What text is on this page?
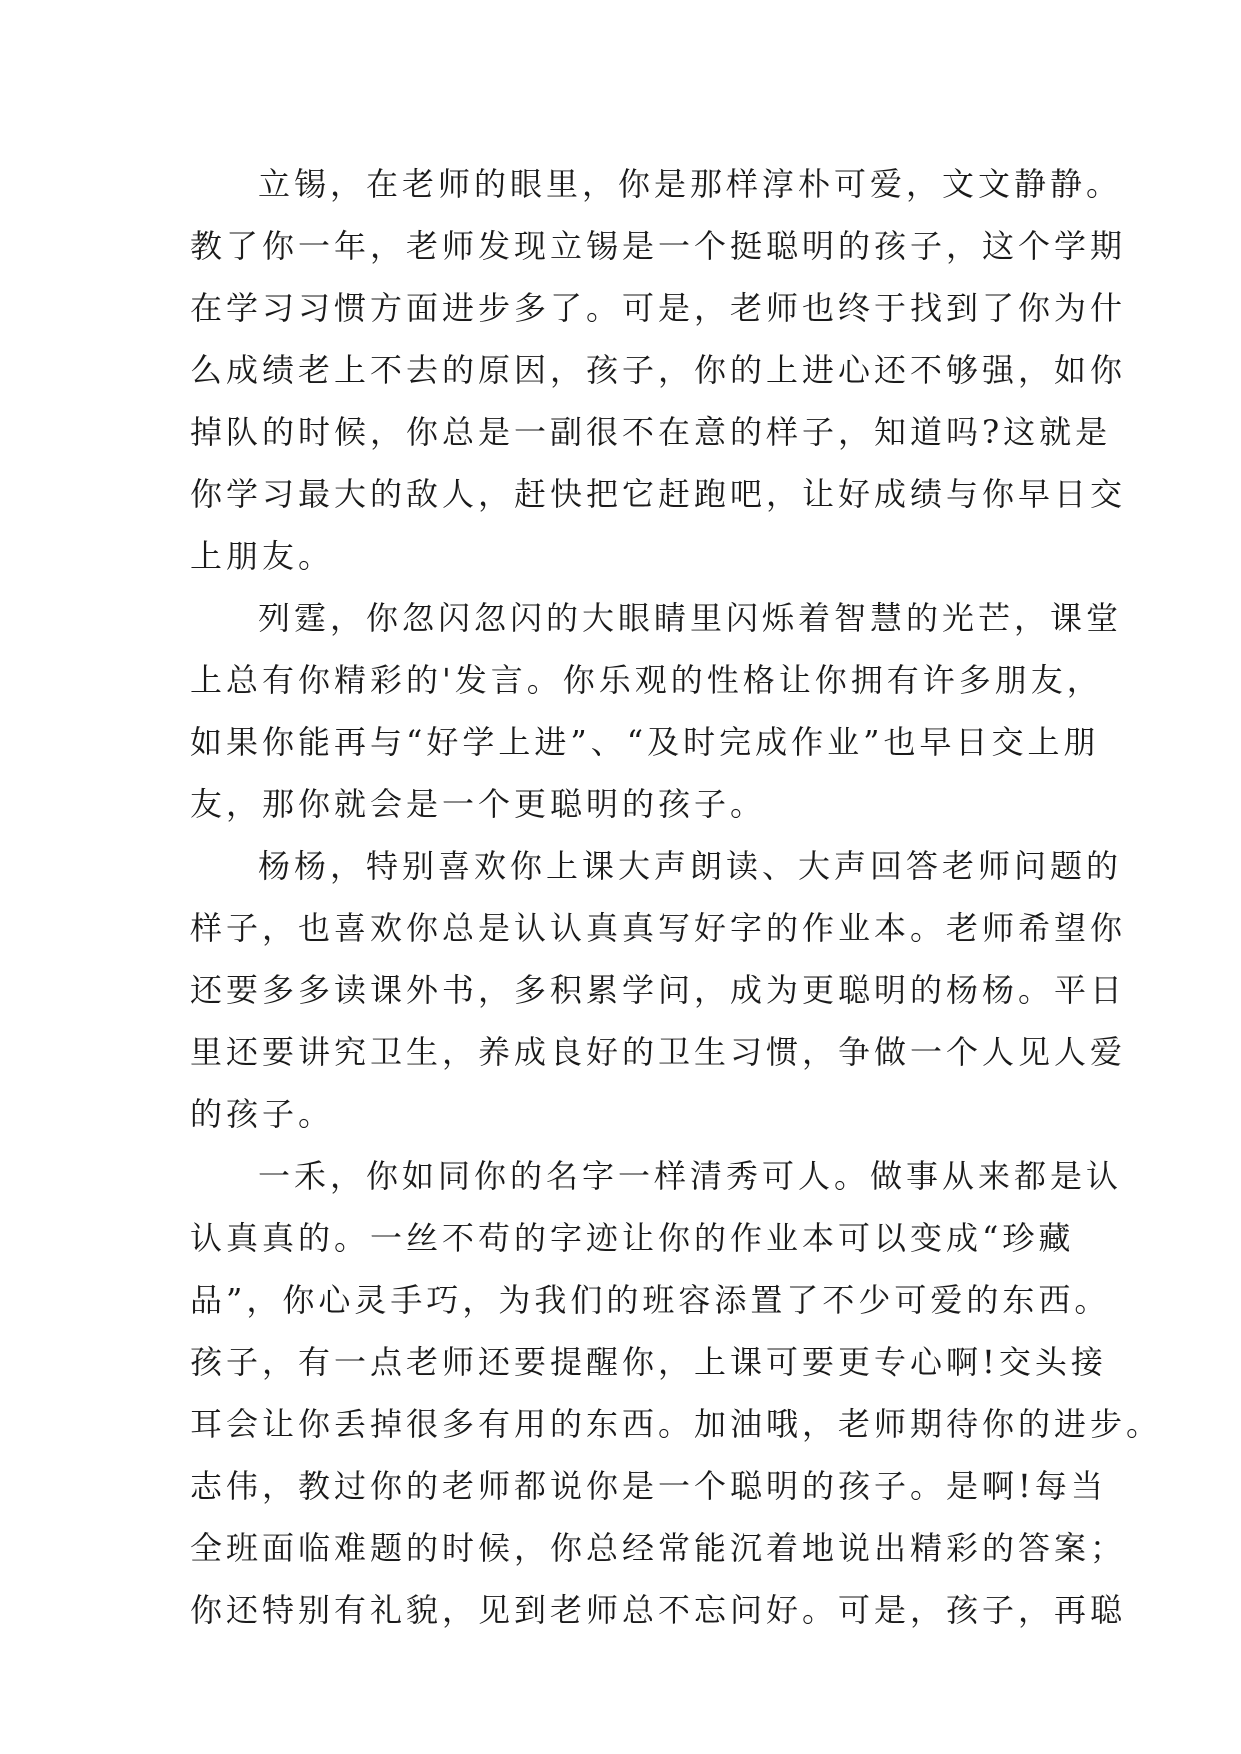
立锡，在老师的眼里，你是那样淳朴可爱，文文静静。
教了你一年，老师发现立锡是一个挺聪明的孩子，这个学期
在学习习惯方面进步多了。可是，老师也终于找到了你为什
么成绩老上不去的原因，孩子，你的上进心还不够强，如你
掉队的时候，你总是一副很不在意的样子，知道吗?这就是
你学习最大的敌人，赶快把它赶跑吧，让好成绩与你早日交
上朋友。
列霆，你忽闪忽闪的大眼睛里闪烁着智慧的光芒，课堂
上总有你精彩的'发言。你乐观的性格让你拥有许多朋友，
如果你能再与“好学上进”、“及时完成作业”也早日交上朋
友，那你就会是一个更聪明的孩子。
杨杨，特别喜欢你上课大声朗读、大声回答老师问题的
样子，也喜欢你总是认认真真写好字的作业本。老师希望你
还要多多读课外书，多积累学问，成为更聪明的杨杨。平日
里还要讲究卫生，养成良好的卫生习惯，争做一个人见人爱
的孩子。
一禾，你如同你的名字一样清秀可人。做事从来都是认
认真真的。一丝不苟的字迹让你的作业本可以变成“珍藏
品”，你心灵手巧，为我们的班容添置了不少可爱的东西。
孩子，有一点老师还要提醒你，上课可要更专心啊!交头接
耳会让你丢掉很多有用的东西。加油哦，老师期待你的进步。
志伟，教过你的老师都说你是一个聪明的孩子。是啊!每当
全班面临难题的时候，你总经常能沉着地说出精彩的答案；
你还特别有礼貌，见到老师总不忘问好。可是，孩子，再聪
